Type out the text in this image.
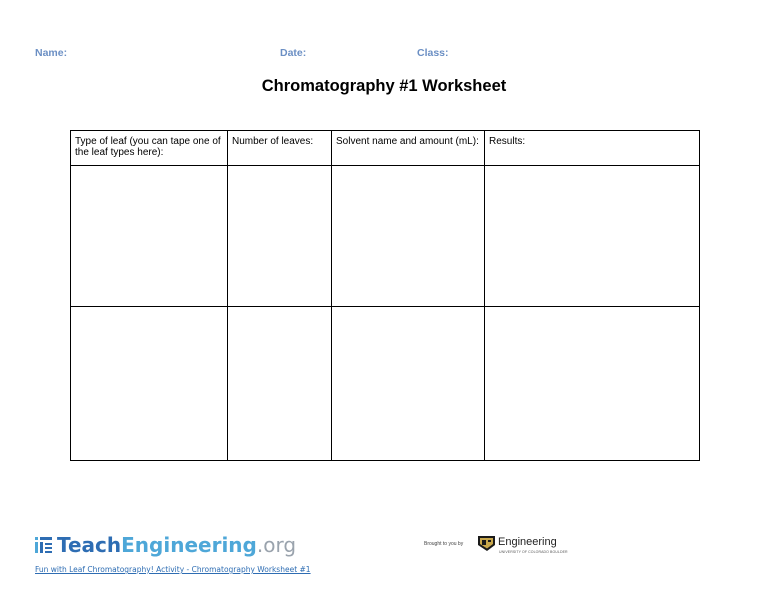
Name:	Date:	Class:
Chromatography #1 Worksheet
Type of leaf (you can tape one of the leaf types here):	Number of leaves:	Solvent name and amount (mL):	Results:

Teach Engineering .org
Fun with Leaf Chromatography! Activity - Chromatography Worksheet #1
Brought to you by	Engineering
UNIVERSITY OF COLORADO BOULDER
